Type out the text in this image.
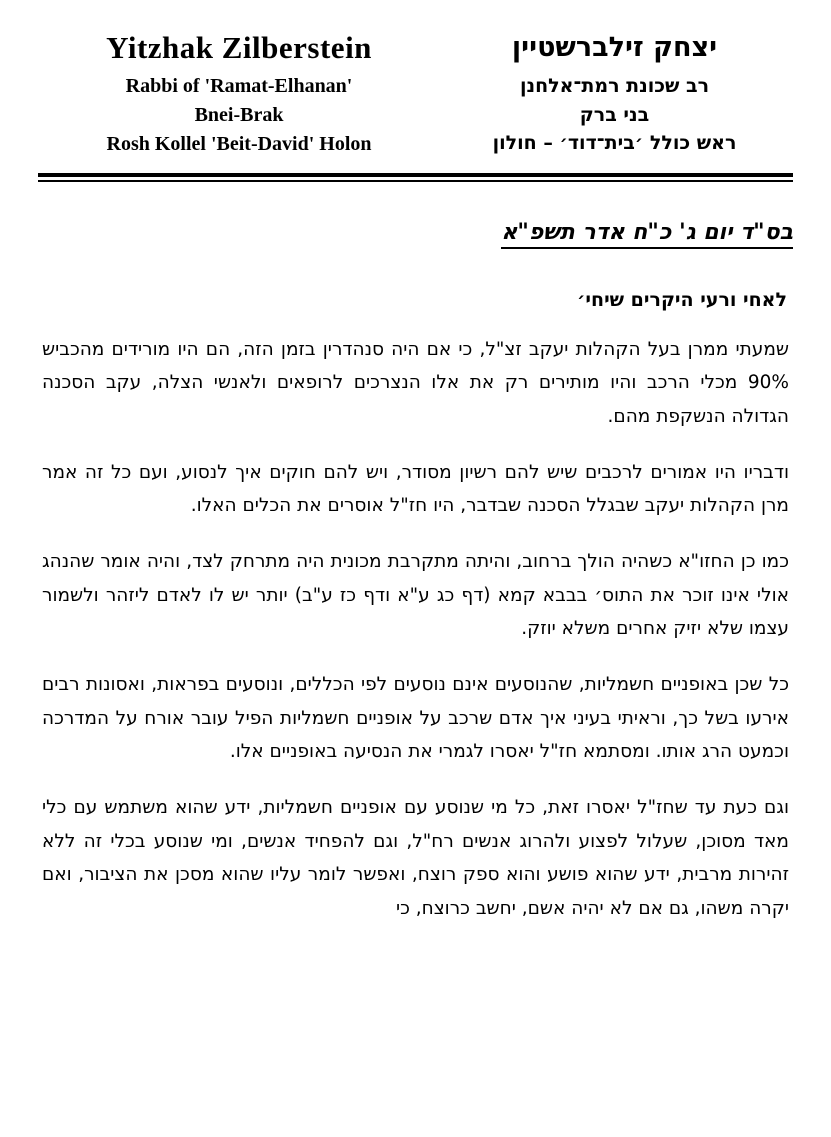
Yitzhak Zilberstein
Rabbi of 'Ramat-Elhanan'
Bnei-Brak
Rosh Kollel 'Beit-David' Holon
יצחק זילברשטיין
רב שכונת רמת־אלחנן
בני ברק
ראש כולל ׳בית־דוד׳ – חולון
בס"ד יום ג' כ"ח אדר תשפ"א
לאחי ורעי היקרים שיחי׳

שמעתי ממרן בעל הקהלות יעקב זצ"ל, כי אם היה סנהדרין בזמן הזה, הם היו מורידים מהכביש 90% מכלי הרכב והיו מותירים רק את אלו הנצרכים לרופאים ולאנשי הצלה, עקב הסכנה הגדולה הנשקפת מהם.

ודבריו היו אמורים לרכבים שיש להם רשיון מסודר, ויש להם חוקים איך לנסוע, ועם כל זה אמר מרן הקהלות יעקב שבגלל הסכנה שבדבר, היו חז"ל אוסרים את הכלים האלו.

כמו כן החזו"א כשהיה הולך ברחוב, והיתה מתקרבת מכונית היה מתרחק לצד, והיה אומר שהנהג אולי אינו זוכר את התוס׳ בבבא קמא (דף כג ע"א ודף כז ע"ב) יותר יש לו לאדם ליזהר ולשמור עצמו שלא יזיק אחרים משלא יוזק.

כל שכן באופניים חשמליות, שהנוסעים אינם נוסעים לפי הכללים, ונוסעים בפראות, ואסונות רבים אירעו בשל כך, וראיתי בעיני איך אדם שרכב על אופניים חשמליות הפיל עובר אורח על המדרכה וכמעט הרג אותו. ומסתמא חז"ל יאסרו לגמרי את הנסיעה באופניים אלו.

וגם כעת עד שחז"ל יאסרו זאת, כל מי שנוסע עם אופניים חשמליות, ידע שהוא משתמש עם כלי מאד מסוכן, שעלול לפצוע ולהרוג אנשים רח"ל, וגם להפחיד אנשים, ומי שנוסע בכלי זה ללא זהירות מרבית, ידע שהוא פושע והוא ספק רוצח, ואפשר לומר עליו שהוא מסכן את הציבור, ואם יקרה משהו, גם אם לא יהיה אשם, יחשב כרוצח, כי
